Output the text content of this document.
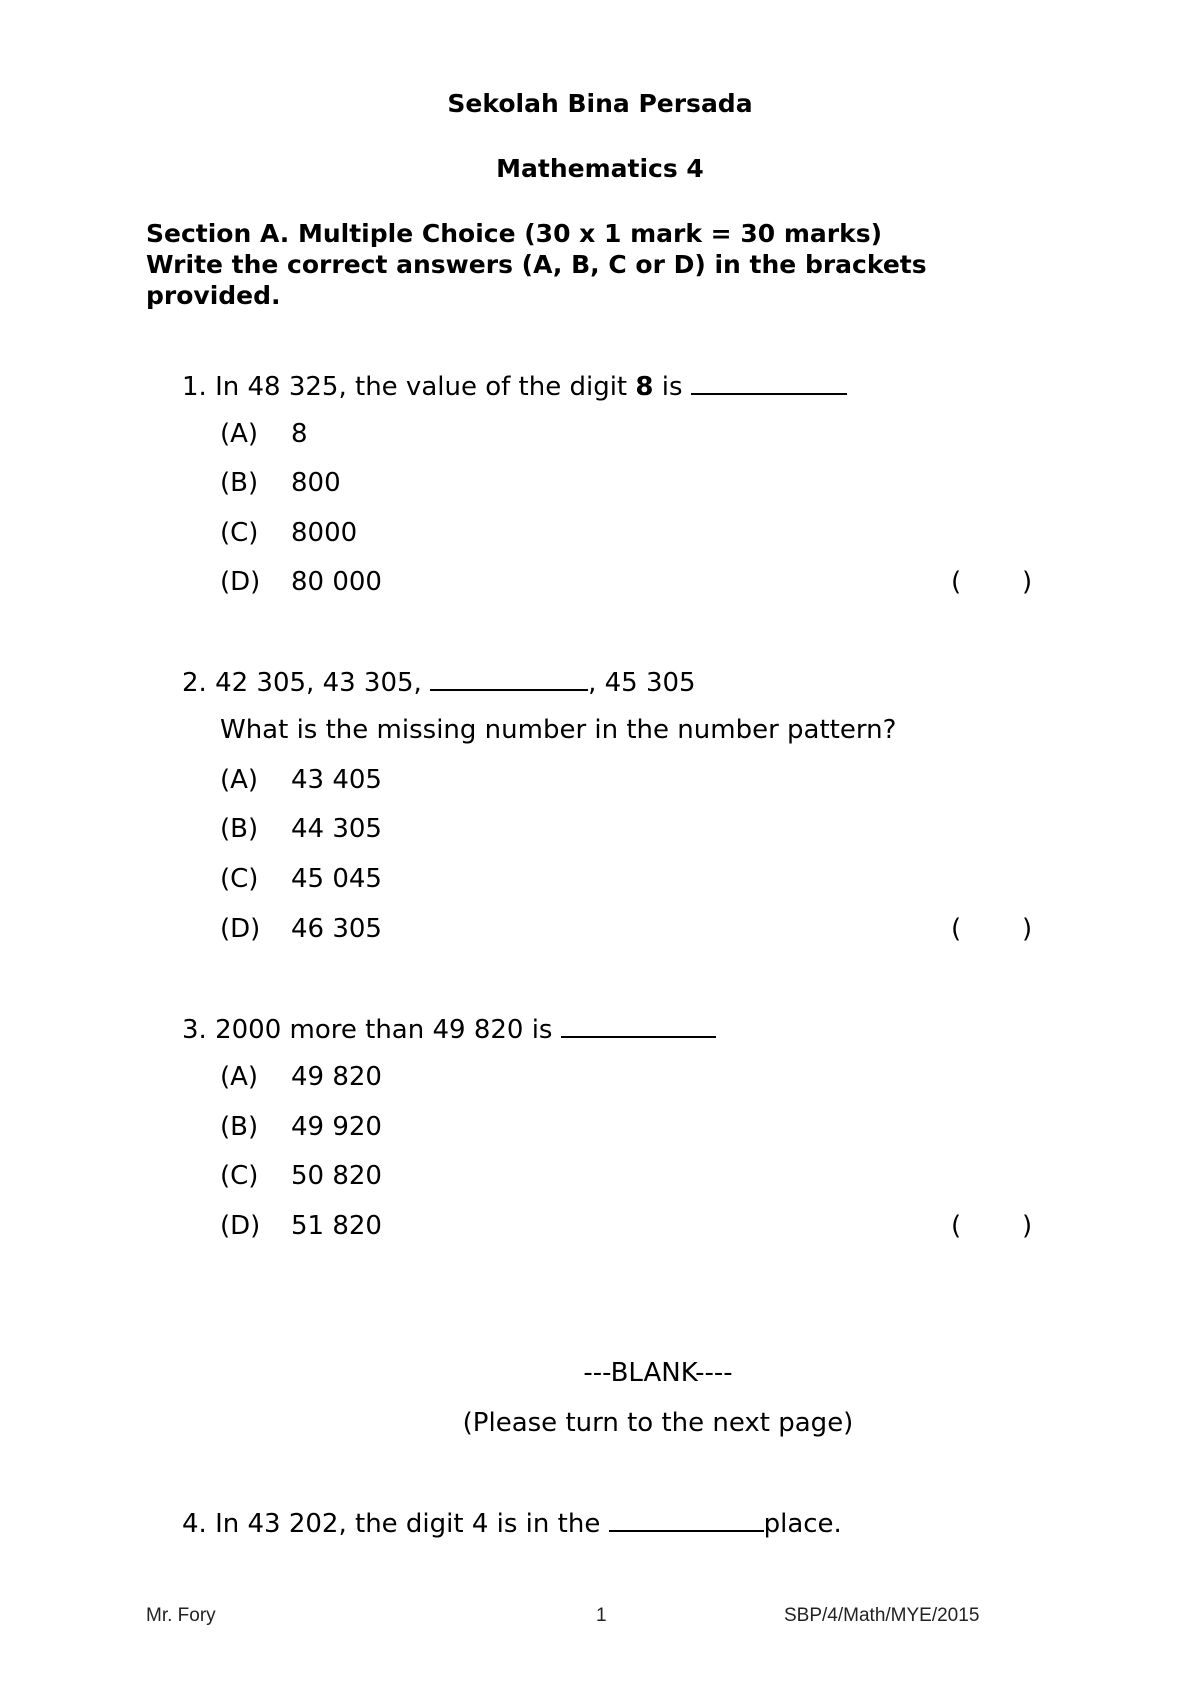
Sekolah Bina Persada
Mathematics 4
Section A. Multiple Choice (30 x 1 mark = 30 marks)
Write the correct answers (A, B, C or D) in the brackets
provided.
1. In 48 325, the value of the digit 8 is
(A) 8
(B) 800
(C) 8000
(D) 80 000	( )
2. 42 305, 43 305,	, 45 305
What is the missing number in the number pattern?
(A) 43 405
(B) 44 305
(C) 45 045
(D) 46 305	( )
3. 2000 more than 49 820 is
(A) 49 820
(B) 49 920
(C) 50 820
(D) 51 820	( )
---BLANK----
(Please turn to the next page)
4. In 43 202, the digit 4 is in the	place.
Mr. Fory	1	SBP/4/Math/MYE/2015
